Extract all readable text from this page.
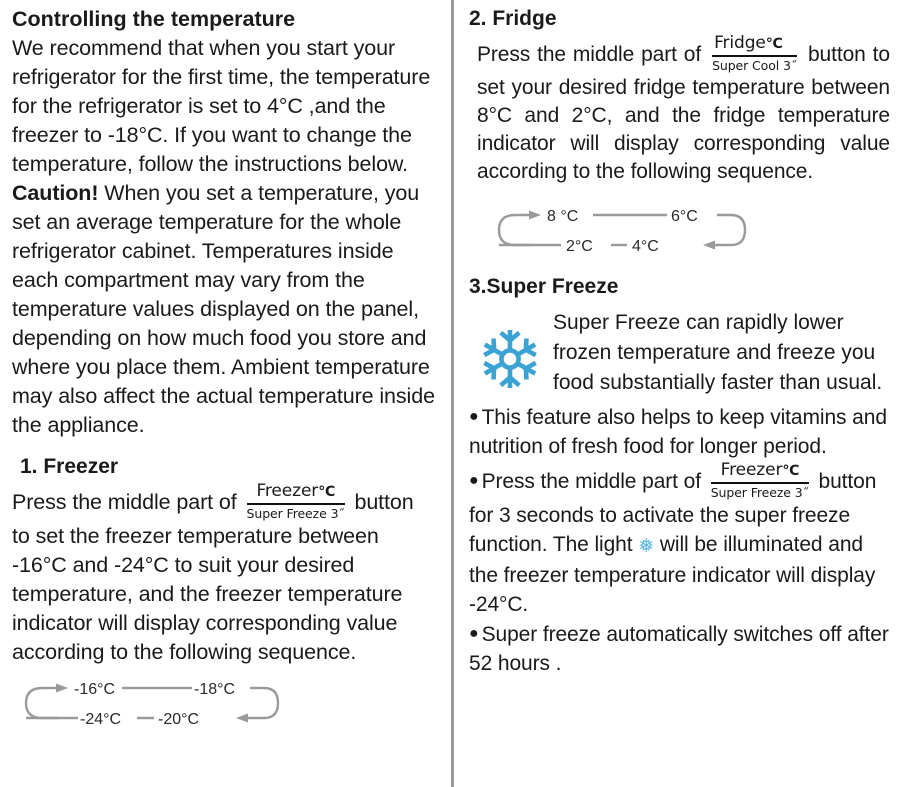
Controlling the temperature

We recommend that when you start your refrigerator for the first time, the temperature for the refrigerator is set to 4°C ,and the freezer to -18°C. If you want to change the temperature, follow the instructions below.

Caution! When you set a temperature, you set an average temperature for the whole refrigerator cabinet. Temperatures inside each compartment may vary from the temperature values displayed on the panel, depending on how much food you store and where you place them. Ambient temperature may also affect the actual temperature inside the appliance.

1. Freezer

Press the middle part of $\frac{\text{Freezer℃}}{\text{Super Freeze 3˝}}$ button to set the freezer temperature between -16°C and -24°C to suit your desired temperature, and the freezer temperature indicator will display corresponding value according to the following sequence.

-16°C	-18°C
-24°C -20°C
2. Fridge

Press the middle part of $\frac{\text{Fridge℃}}{\text{Super Cool 3˝}}$ button to set your desired fridge temperature between 8°C and 2°C, and the fridge temperature indicator will display corresponding value according to the following sequence.

8 °C	6°C
2°C 4°C
3.Super Freeze
Super Freeze can rapidly lower frozen temperature and freeze you food substantially faster than usual.

● This feature also helps to keep vitamins and nutrition of fresh food for longer period.

● Press the middle part of $\frac{\text{Freezer℃}}{\text{Super Freeze 3˝}}$ button for 3 seconds to activate the super freeze function. The light ❅ will be illuminated and the freezer temperature indicator will display -24°C.

● Super freeze automatically switches off after 52 hours .
